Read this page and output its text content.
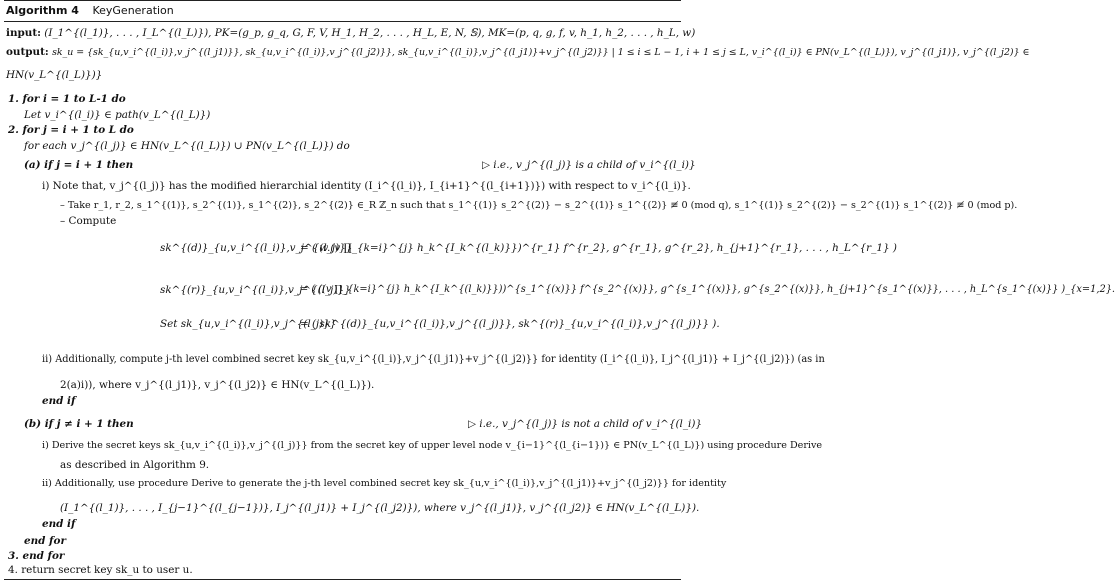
Algorithm 4 KeyGeneration
input: (I_1^{(l_1)}, . . . , I_L^{(l_L)}), PK=(g_p, g_q, G, F, V, H_1, H_2, . . . , H_L, E, N, 𝕊), MK=(p, q, g, f, v, h_1, h_2, . . . , h_L, w)
output: sk_u = {sk_{u,v_i^{(l_i)},v_j^{(l_j1)}}, sk_{u,v_i^{(l_i)},v_j^{(l_j2)}}, sk_{u,v_i^{(l_i)},v_j^{(l_j1)}+v_j^{(l_j2)}} | 1 ≤ i ≤ L − 1, i + 1 ≤ j ≤ L, v_i^{(l_i)} ∈ PN(v_L^{(l_L)}), v_j^{(l_j1)}, v_j^{(l_j2)} ∈
HN(v_L^{(l_L)})}
1. for i = 1 to L-1 do
Let v_i^{(l_i)} ∈ path(v_L^{(l_L)})
2. for j = i + 1 to L do
for each v_j^{(l_j)} ∈ HN(v_L^{(l_L)}) ∪ PN(v_L^{(l_L)}) do
(a) if j = i + 1 then	▷ i.e., v_j^{(l_j)} is a child of v_i^{(l_i)}
i) Note that, v_j^{(l_j)} has the modified hierarchial identity (I_i^{(l_i)}, I_{i+1}^{(l_{i+1})}) with respect to v_i^{(l_i)}.
– Take r_1, r_2, s_1^{(1)}, s_2^{(1)}, s_1^{(2)}, s_2^{(2)} ∈_R ℤ_n such that s_1^{(1)} s_2^{(2)} − s_2^{(1)} s_1^{(2)} ≢ 0 (mod q), s_1^{(1)} s_2^{(2)} − s_2^{(1)} s_1^{(2)} ≢ 0 (mod p).
– Compute
sk^{(d)}_{u,v_i^{(l_i)},v_j^{(l_j)}}
= ( w.(v ∏_{k=i}^{j} h_k^{I_k^{(l_k)}})^{r_1} f^{r_2}, g^{r_1}, g^{r_2}, h_{j+1}^{r_1}, . . . , h_L^{r_1} )
sk^{(r)}_{u,v_i^{(l_i)},v_j^{(l_j)}}
= ( ((v ∏_{k=i}^{j} h_k^{I_k^{(l_k)}}))^{s_1^{(x)}} f^{s_2^{(x)}}, g^{s_1^{(x)}}, g^{s_2^{(x)}}, h_{j+1}^{s_1^{(x)}}, . . . , h_L^{s_1^{(x)}} )_{x=1,2}.
Set sk_{u,v_i^{(l_i)},v_j^{(l_j)}}
= ( sk^{(d)}_{u,v_i^{(l_i)},v_j^{(l_j)}}, sk^{(r)}_{u,v_i^{(l_i)},v_j^{(l_j)}} ).
ii) Additionally, compute j-th level combined secret key sk_{u,v_i^{(l_i)},v_j^{(l_j1)}+v_j^{(l_j2)}} for identity (I_i^{(l_i)}, I_j^{(l_j1)} + I_j^{(l_j2)}) (as in
2(a)i)), where v_j^{(l_j1)}, v_j^{(l_j2)} ∈ HN(v_L^{(l_L)}).
end if
(b) if j ≠ i + 1 then	▷ i.e., v_j^{(l_j)} is not a child of v_i^{(l_i)}
i) Derive the secret keys sk_{u,v_i^{(l_i)},v_j^{(l_j)}} from the secret key of upper level node v_{i−1}^{(l_{i−1})} ∈ PN(v_L^{(l_L)}) using procedure Derive
as described in Algorithm 9.
ii) Additionally, use procedure Derive to generate the j-th level combined secret key sk_{u,v_i^{(l_i)},v_j^{(l_j1)}+v_j^{(l_j2)}} for identity
(I_1^{(l_1)}, . . . , I_{j−1}^{(l_{j−1})}, I_j^{(l_j1)} + I_j^{(l_j2)}), where v_j^{(l_j1)}, v_j^{(l_j2)} ∈ HN(v_L^{(l_L)}).
end if
end for
3. end for
4. return secret key sk_u to user u.
